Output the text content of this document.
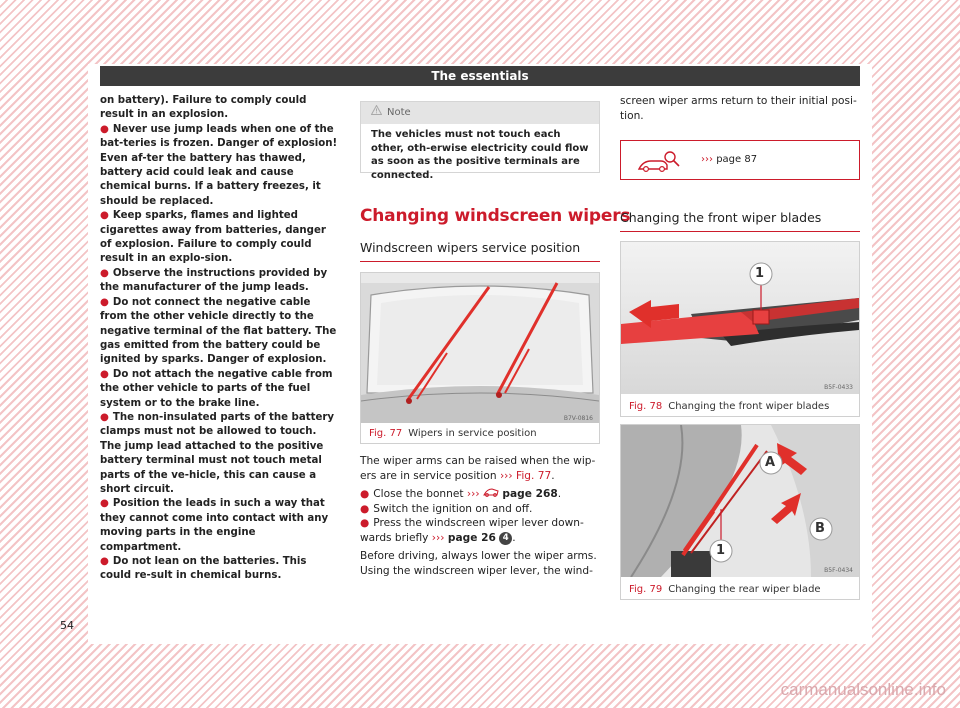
The essentials

on battery). Failure to comply could result in an explosion.

● Never use jump leads when one of the bat-teries is frozen. Danger of explosion! Even af-ter the battery has thawed, battery acid could leak and cause chemical burns. If a battery freezes, it should be replaced.

● Keep sparks, flames and lighted cigarettes away from batteries, danger of explosion. Failure to comply could result in an explo-sion.

● Observe the instructions provided by the manufacturer of the jump leads.

● Do not connect the negative cable from the other vehicle directly to the negative terminal of the flat battery. The gas emitted from the battery could be ignited by sparks. Danger of explosion.

● Do not attach the negative cable from the other vehicle to parts of the fuel system or to the brake line.

● The non-insulated parts of the battery clamps must not be allowed to touch. The jump lead attached to the positive battery terminal must not touch metal parts of the ve-hicle, this can cause a short circuit.

● Position the leads in such a way that they cannot come into contact with any moving parts in the engine compartment.

● Do not lean on the batteries. This could re-sult in chemical burns.

Note
The vehicles must not touch each other, oth-erwise electricity could flow as soon as the positive terminals are connected.
Changing windscreen wipers
Windscreen wipers service position
B7V-0816
Fig. 77 Wipers in service position

The wiper arms can be raised when the wip-ers are in service position ››› Fig. 77.

● Close the bonnet ››› page 268.

● Switch the ignition on and off.

● Press the windscreen wiper lever down-wards briefly ››› page 26 4 .

Before driving, always lower the wiper arms. Using the windscreen wiper lever, the wind-

screen wiper arms return to their initial posi-tion.
››› page 87
Changing the front wiper blades
1
B5F-0433
Fig. 78 Changing the front wiper blades
A
B
1
B5F-0434
Fig. 79 Changing the rear wiper blade
54
carmanualsonline.info
